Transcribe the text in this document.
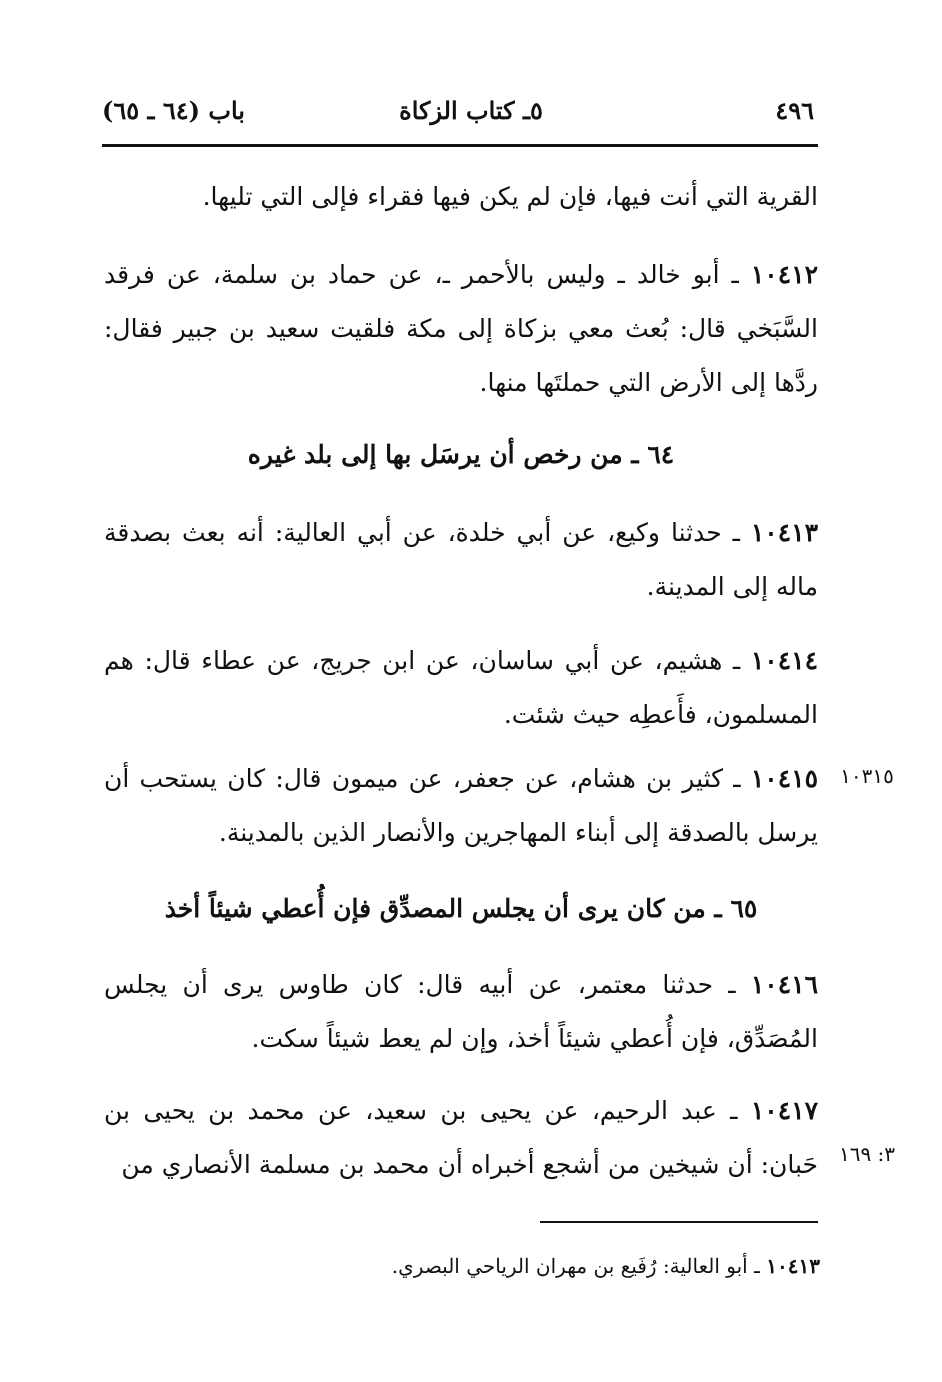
٤٩٦
٥ـ كتاب الزكاة
باب (٦٤ ـ ٦٥)
القرية التي أنت فيها، فإن لم يكن فيها فقراء فإلى التي تليها.
١٠٤١٢ ـ أبو خالد ـ وليس بالأحمر ـ، عن حماد بن سلمة، عن فرقد السَّبَخي قال: بُعث معي بزكاة إلى مكة فلقيت سعيد بن جبير فقال: ردَّها إلى الأرض التي حملتَها منها.
٦٤ ـ من رخص أن يرسَل بها إلى بلد غيره
١٠٤١٣ ـ حدثنا وكيع، عن أبي خلدة، عن أبي العالية: أنه بعث بصدقة ماله إلى المدينة.
١٠٤١٤ ـ هشيم، عن أبي ساسان، عن ابن جريج، عن عطاء قال: هم المسلمون، فأَعطِه حيث شئت.
١٠٣١٥
١٠٤١٥ ـ كثير بن هشام، عن جعفر، عن ميمون قال: كان يستحب أن يرسل بالصدقة إلى أبناء المهاجرين والأنصار الذين بالمدينة.
٦٥ ـ من كان يرى أن يجلس المصدِّق فإن أُعطي شيئاً أخذ
١٠٤١٦ ـ حدثنا معتمر، عن أبيه قال: كان طاوس يرى أن يجلس المُصَدِّق، فإن أُعطي شيئاً أخذ، وإن لم يعط شيئاً سكت.
٣: ١٦٩
١٠٤١٧ ـ عبد الرحيم، عن يحيى بن سعيد، عن محمد بن يحيى بن حَبان: أن شيخين من أشجع أخبراه أن محمد بن مسلمة الأنصاري من
١٠٤١٣ ـ أبو العالية: رُفَيع بن مهران الرياحي البصري.
